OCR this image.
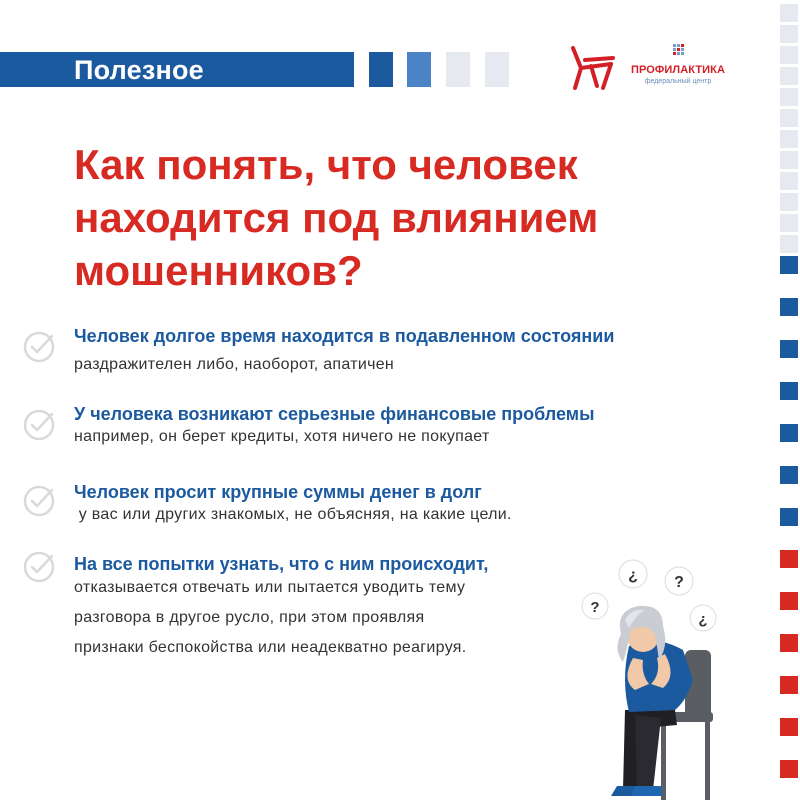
Полезное	ПРОФИЛАКТИКА
федеральный центр
Как понять, что человек
находится под влиянием
мошенников?
Человек долгое время находится в подавленном состоянии
раздражителен либо, наоборот, апатичен
У человека возникают серьезные финансовые проблемы
например, он берет кредиты, хотя ничего не покупает
Человек просит крупные суммы денег в долг
у вас или других знакомых, не объясняя, на какие цели.
На все попытки узнать, что с ним происходит,
отказывается отвечать или пытается уводить тему
разговора в другое русло, при этом проявляя
признаки беспокойства или неадекватно реагируя.
¿ ?
?
¿
